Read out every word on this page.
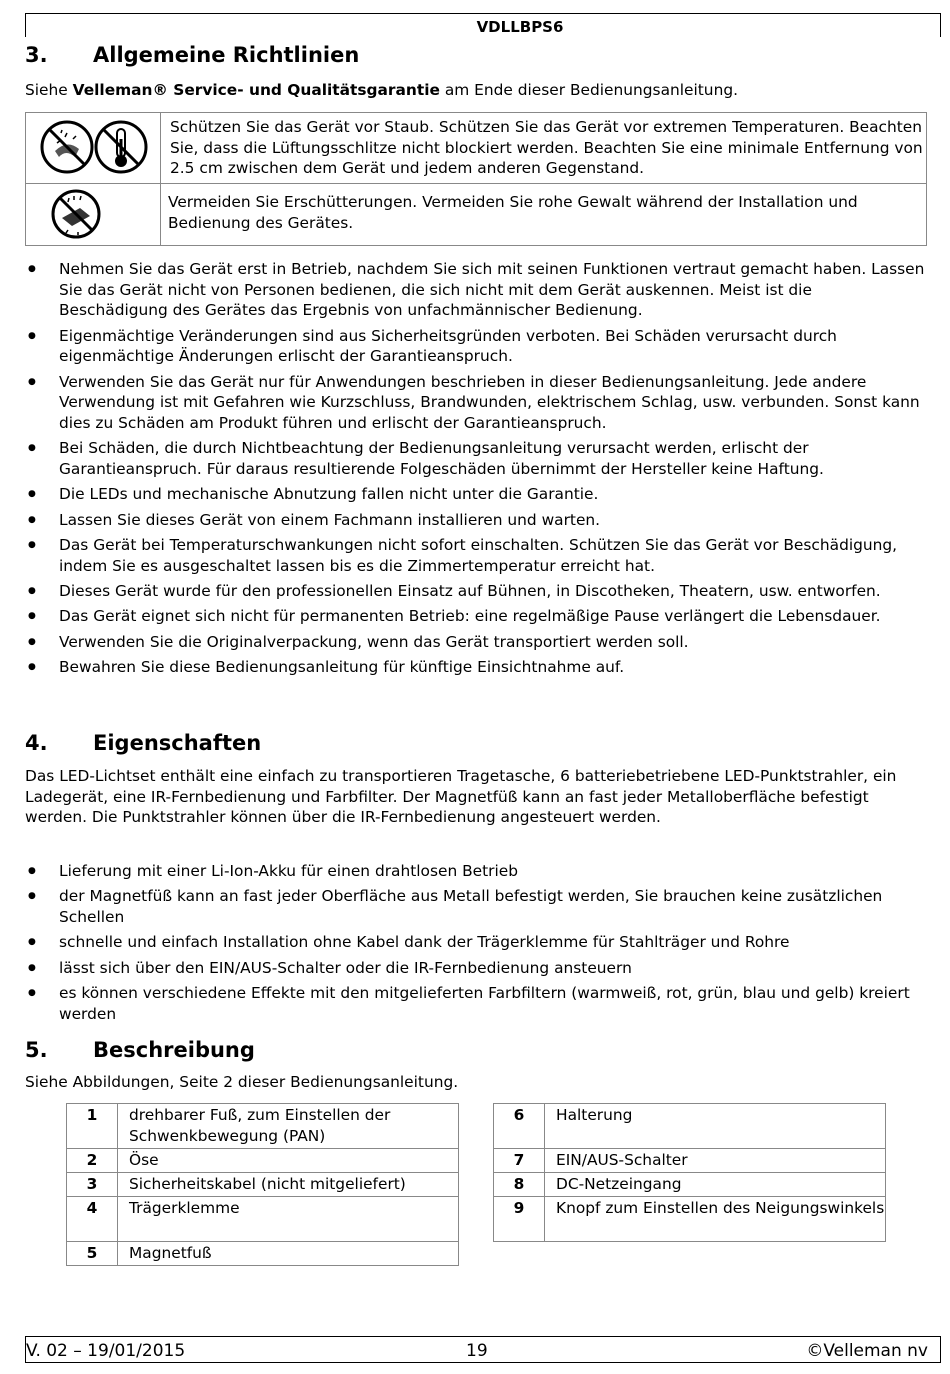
VDLLBPS6
3. Allgemeine Richtlinien
Siehe Velleman® Service- und Qualitätsgarantie am Ende dieser Bedienungsanleitung.
	Schützen Sie das Gerät vor Staub. Schützen Sie das Gerät vor extremen Temperaturen. Beachten Sie, dass die Lüftungsschlitze nicht blockiert werden. Beachten Sie eine minimale Entfernung von 2.5 cm zwischen dem Gerät und jedem anderen Gegenstand.

	Vermeiden Sie Erschütterungen. Vermeiden Sie rohe Gewalt während der Installation und Bedienung des Gerätes.
● Nehmen Sie das Gerät erst in Betrieb, nachdem Sie sich mit seinen Funktionen vertraut gemacht haben. Lassen Sie das Gerät nicht von Personen bedienen, die sich nicht mit dem Gerät auskennen. Meist ist die Beschädigung des Gerätes das Ergebnis von unfachmännischer Bedienung.
● Eigenmächtige Veränderungen sind aus Sicherheitsgründen verboten. Bei Schäden verursacht durch eigenmächtige Änderungen erlischt der Garantieanspruch.
● Verwenden Sie das Gerät nur für Anwendungen beschrieben in dieser Bedienungsanleitung. Jede andere Verwendung ist mit Gefahren wie Kurzschluss, Brandwunden, elektrischem Schlag, usw. verbunden. Sonst kann dies zu Schäden am Produkt führen und erlischt der Garantieanspruch.
● Bei Schäden, die durch Nichtbeachtung der Bedienungsanleitung verursacht werden, erlischt der Garantieanspruch. Für daraus resultierende Folgeschäden übernimmt der Hersteller keine Haftung.
● Die LEDs und mechanische Abnutzung fallen nicht unter die Garantie.
● Lassen Sie dieses Gerät von einem Fachmann installieren und warten.
● Das Gerät bei Temperaturschwankungen nicht sofort einschalten. Schützen Sie das Gerät vor Beschädigung, indem Sie es ausgeschaltet lassen bis es die Zimmertemperatur erreicht hat.
● Dieses Gerät wurde für den professionellen Einsatz auf Bühnen, in Discotheken, Theatern, usw. entworfen.
● Das Gerät eignet sich nicht für permanenten Betrieb: eine regelmäßige Pause verlängert die Lebensdauer.
● Verwenden Sie die Originalverpackung, wenn das Gerät transportiert werden soll.
● Bewahren Sie diese Bedienungsanleitung für künftige Einsichtnahme auf.
4. Eigenschaften
Das LED-Lichtset enthält eine einfach zu transportieren Tragetasche, 6 batteriebetriebene LED-Punktstrahler, ein Ladegerät, eine IR-Fernbedienung und Farbfilter. Der Magnetfüß kann an fast jeder Metalloberfläche befestigt werden. Die Punktstrahler können über die IR-Fernbedienung angesteuert werden.
● Lieferung mit einer Li-Ion-Akku für einen drahtlosen Betrieb
● der Magnetfüß kann an fast jeder Oberfläche aus Metall befestigt werden, Sie brauchen keine zusätzlichen Schellen
● schnelle und einfach Installation ohne Kabel dank der Trägerklemme für Stahlträger und Rohre
● lässt sich über den EIN/AUS-Schalter oder die IR-Fernbedienung ansteuern
● es können verschiedene Effekte mit den mitgelieferten Farbfiltern (warmweiß, rot, grün, blau und gelb) kreiert werden
5. Beschreibung
Siehe Abbildungen, Seite 2 dieser Bedienungsanleitung.
1	drehbarer Fuß, zum Einstellen der Schwenkbewegung (PAN)
2	Öse
3	Sicherheitskabel (nicht mitgeliefert)
4	Trägerklemme
5	Magnetfuß
6	Halterung
7	EIN/AUS-Schalter
8	DC-Netzeingang
9	Knopf zum Einstellen des Neigungswinkels
V. 02 – 19/01/2015	19	©Velleman nv
